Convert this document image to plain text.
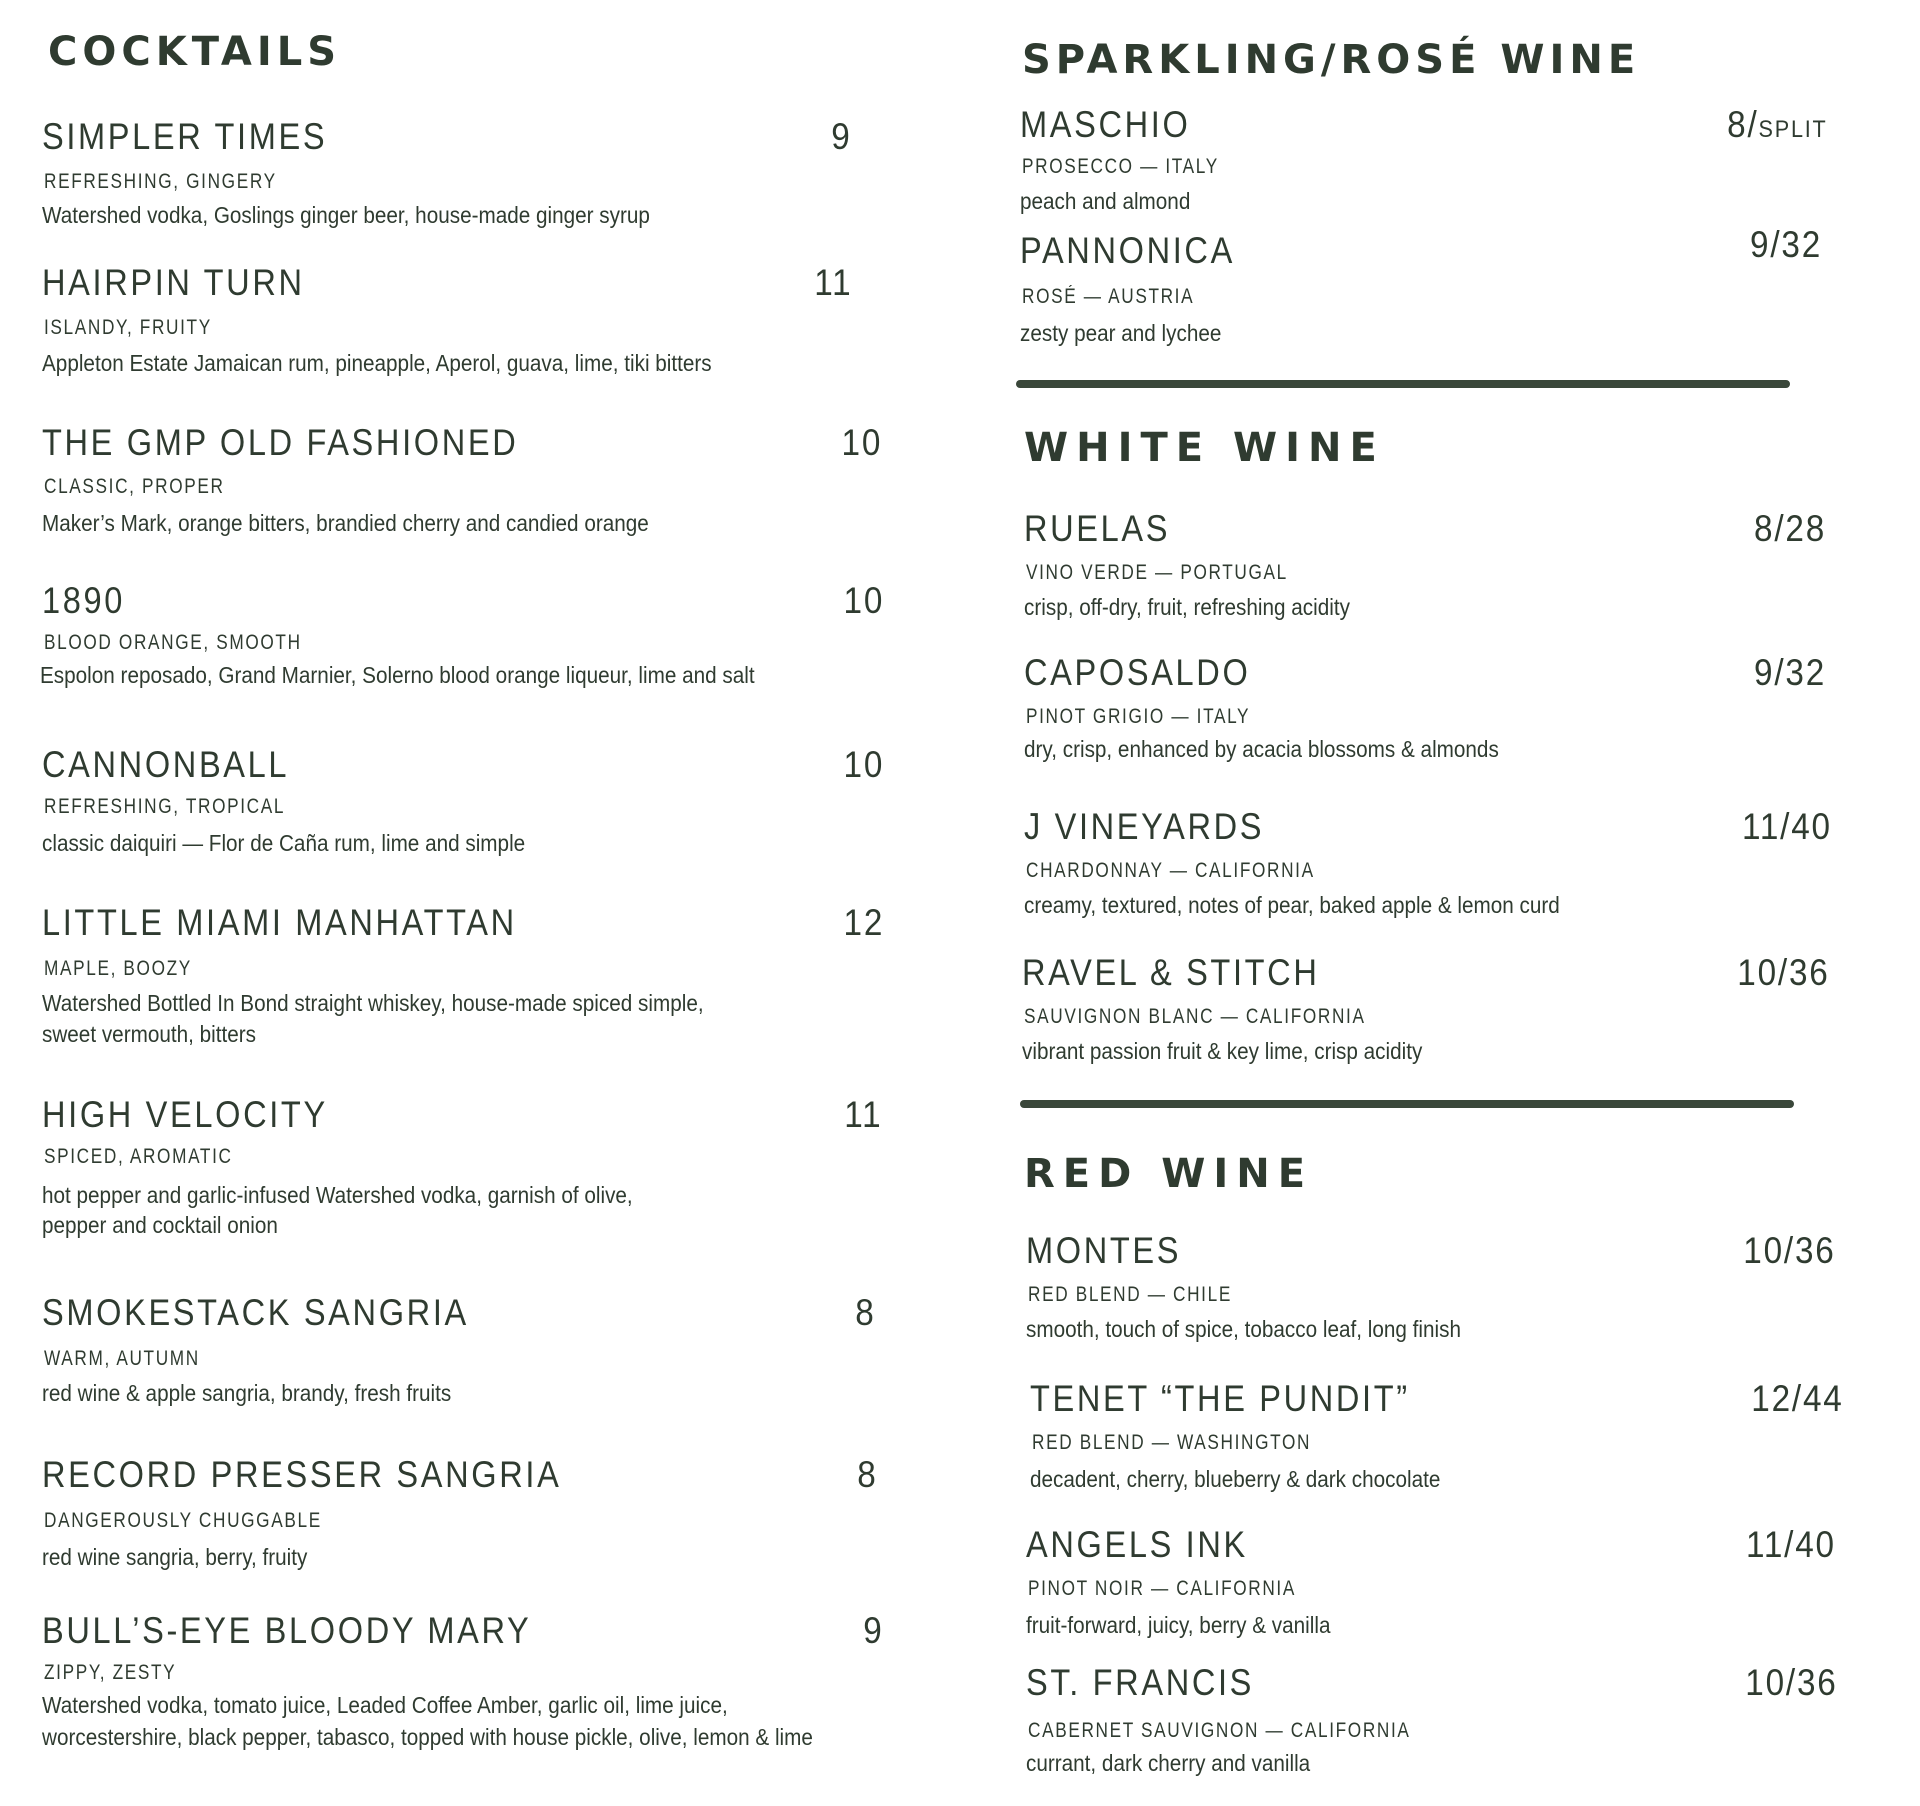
COCKTAILS
SIMPLER TIMES	9
REFRESHING, GINGERY
Watershed vodka, Goslings ginger beer, house-made ginger syrup
HAIRPIN TURN	11
ISLANDY, FRUITY
Appleton Estate Jamaican rum, pineapple, Aperol, guava, lime, tiki bitters
THE GMP OLD FASHIONED	10
CLASSIC, PROPER
Maker’s Mark, orange bitters, brandied cherry and candied orange
1890	10
BLOOD ORANGE, SMOOTH
Espolon reposado, Grand Marnier, Solerno blood orange liqueur, lime and salt
CANNONBALL	10
REFRESHING, TROPICAL
classic daiquiri — Flor de Caña rum, lime and simple
LITTLE MIAMI MANHATTAN	12
MAPLE, BOOZY
Watershed Bottled In Bond straight whiskey, house-made spiced simple,
sweet vermouth, bitters
HIGH VELOCITY	11
SPICED, AROMATIC
hot pepper and garlic-infused Watershed vodka, garnish of olive,
pepper and cocktail onion
SMOKESTACK SANGRIA	8
WARM, AUTUMN
red wine & apple sangria, brandy, fresh fruits
RECORD PRESSER SANGRIA	8
DANGEROUSLY CHUGGABLE
red wine sangria, berry, fruity
BULL’S-EYE BLOODY MARY	9
ZIPPY, ZESTY
Watershed vodka, tomato juice, Leaded Coffee Amber, garlic oil, lime juice,
worcestershire, black pepper, tabasco, topped with house pickle, olive, lemon & lime
SPARKLING/ROSÉ WINE
MASCHIO	8/SPLIT
PROSECCO — ITALY
peach and almond
PANNONICA	9/32
ROSÉ — AUSTRIA
zesty pear and lychee
WHITE WINE
RUELAS	8/28
VINO VERDE — PORTUGAL
crisp, off-dry, fruit, refreshing acidity
CAPOSALDO	9/32
PINOT GRIGIO — ITALY
dry, crisp, enhanced by acacia blossoms & almonds
J VINEYARDS	11/40
CHARDONNAY — CALIFORNIA
creamy, textured, notes of pear, baked apple & lemon curd
RAVEL & STITCH	10/36
SAUVIGNON BLANC — CALIFORNIA
vibrant passion fruit & key lime, crisp acidity
RED WINE
MONTES	10/36
RED BLEND — CHILE
smooth, touch of spice, tobacco leaf, long finish
TENET “THE PUNDIT”	12/44
RED BLEND — WASHINGTON
decadent, cherry, blueberry & dark chocolate
ANGELS INK	11/40
PINOT NOIR — CALIFORNIA
fruit-forward, juicy, berry & vanilla
ST. FRANCIS	10/36
CABERNET SAUVIGNON — CALIFORNIA
currant, dark cherry and vanilla
